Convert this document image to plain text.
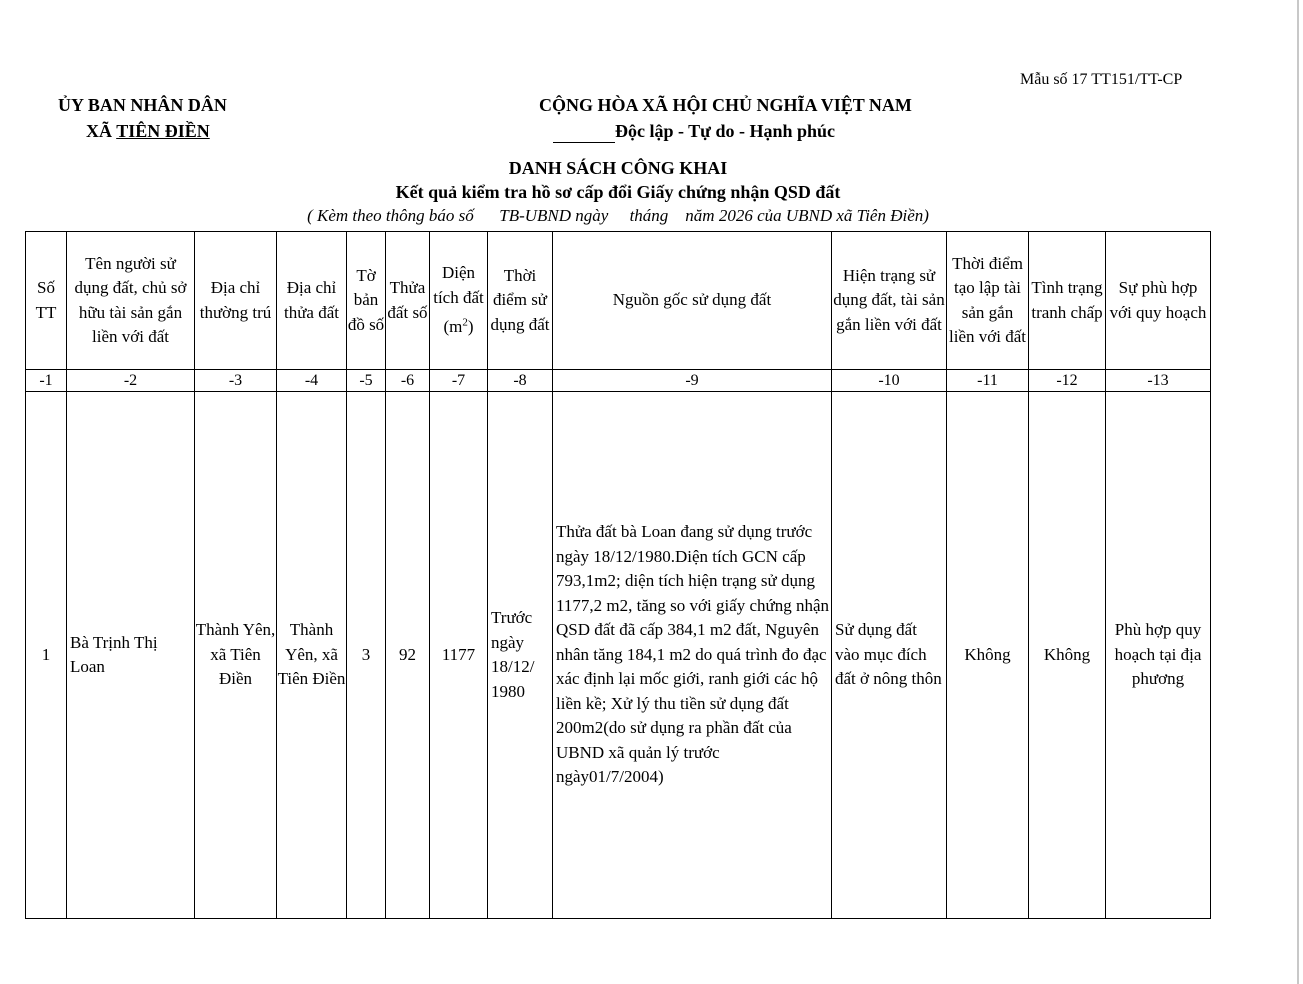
Mẫu số 17 TT151/TT-CP
ỦY BAN NHÂN DÂN
XÃ TIÊN ĐIỀN
CỘNG HÒA XÃ HỘI CHỦ NGHĨA VIỆT NAM
Độc lập - Tự do - Hạnh phúc
DANH SÁCH CÔNG KHAI
Kết quả kiểm tra hồ sơ cấp đổi Giấy chứng nhận QSD đất
( Kèm theo thông báo số      TB-UBND ngày     tháng    năm 2026 của UBND xã Tiên Điền)
Số TT	Tên người sử dụng đất, chủ sở hữu tài sản gắn liền với đất	Địa chỉ thường trú	Địa chỉ thửa đất	Tờ bản đồ số	Thửa đất số	Diện tích đất $(m^2)$	Thời điểm sử dụng đất	Nguồn gốc sử dụng đất	Hiện trạng sử dụng đất, tài sản gắn liền với đất	Thời điểm tạo lập tài sản gắn liền với đất	Tình trạng tranh chấp	Sự phù hợp với quy hoạch
-1	-2	-3	-4	-5	-6	-7	-8	-9	-10	-11	-12	-13
1	Bà Trịnh Thị Loan	Thành Yên, xã Tiên Điền	Thành Yên, xã Tiên Điền	3	92	1177	Trước ngày 18/12/ 1980	Thửa đất bà Loan đang sử dụng trước ngày 18/12/1980.Diện tích GCN cấp 793,1m2; diện tích hiện trạng sử dụng 1177,2 m2, tăng so với giấy chứng nhận QSD đất đã cấp 384,1 m2 đất, Nguyên nhân tăng 184,1 m2 do quá trình đo đạc xác định lại mốc giới, ranh giới các hộ liền kề; Xử lý thu tiền sử dụng đất 200m2(do sử dụng ra phần đất của UBND xã quản lý trước ngày01/7/2004)	Sử dụng đất vào mục đích đất ở nông thôn	Không	Không	Phù hợp quy hoạch tại địa phương
